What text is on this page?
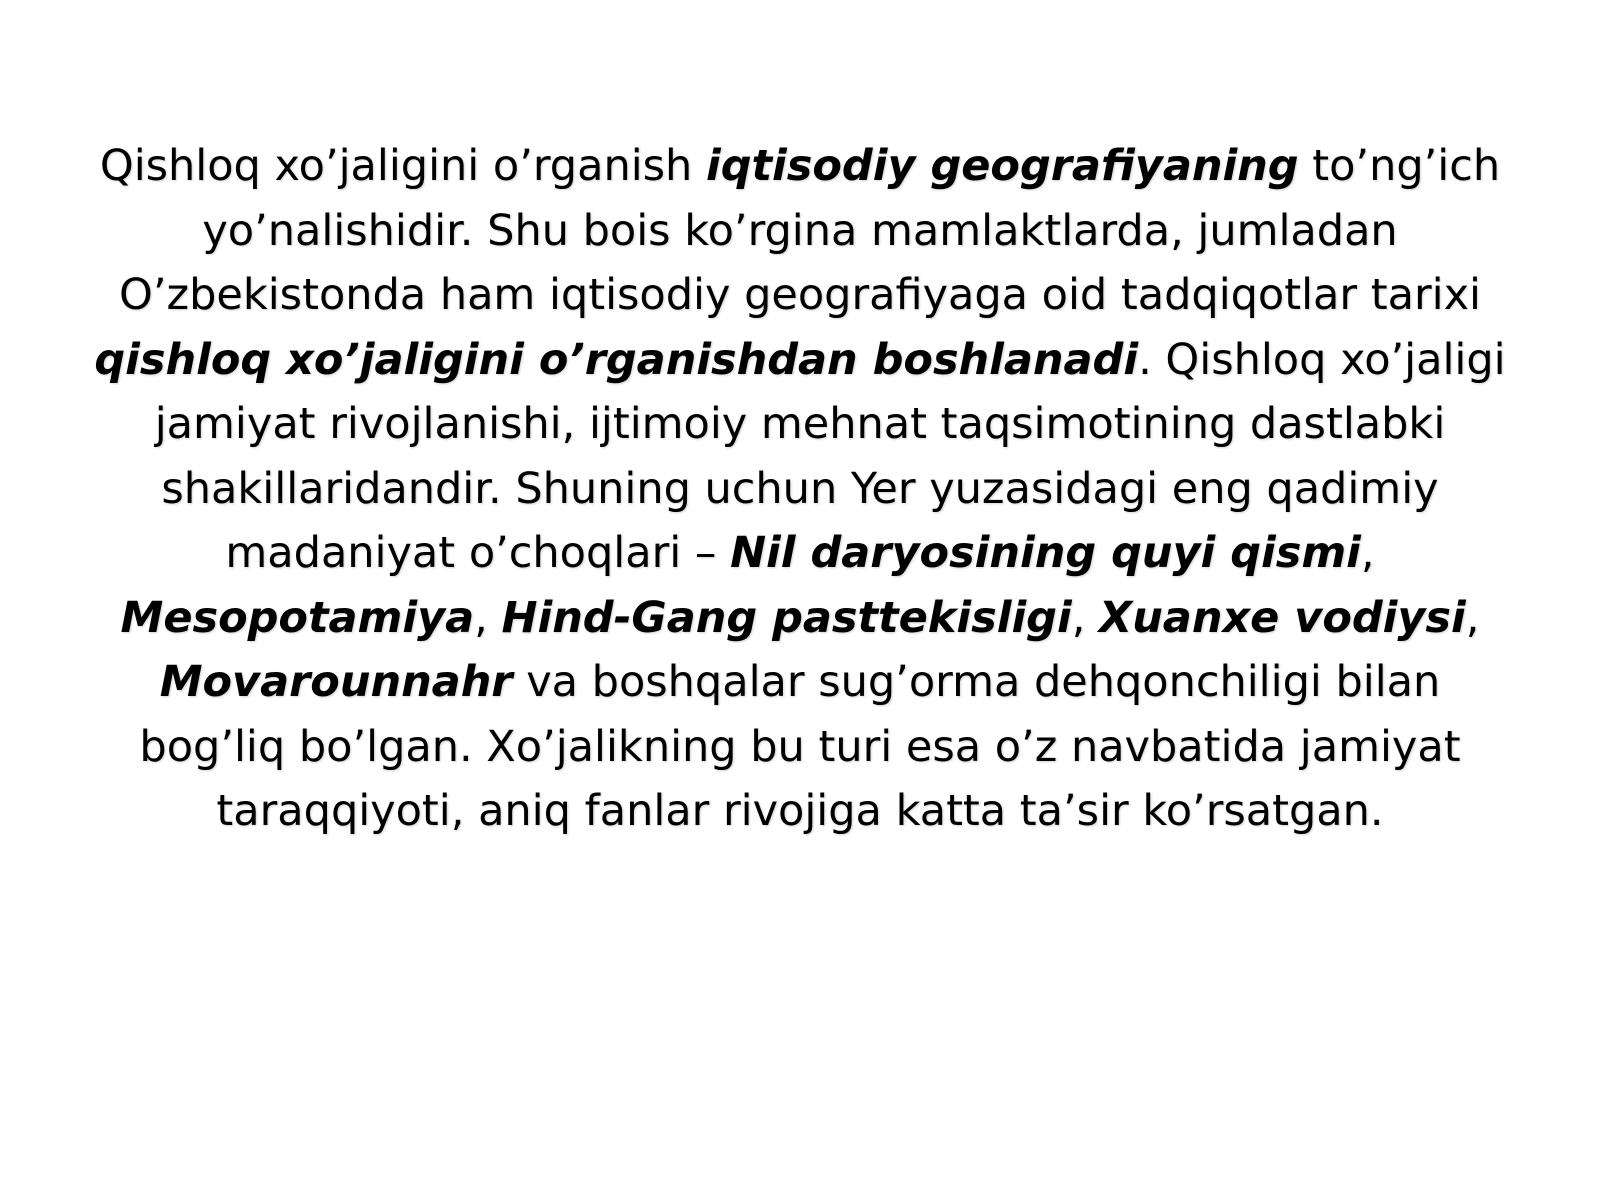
Qishloq xo’jaligini o’rganish iqtisodiy geografiyaning to’ng’ich
yo’nalishidir. Shu bois ko’rgina mamlaktlarda, jumladan
O’zbekistonda ham iqtisodiy geografiyaga oid tadqiqotlar tarixi
qishloq xo’jaligini o’rganishdan boshlanadi. Qishloq xo’jaligi
jamiyat rivojlanishi, ijtimoiy mehnat taqsimotining dastlabki
shakillaridandir. Shuning uchun Yer yuzasidagi eng qadimiy
madaniyat o’choqlari – Nil daryosining quyi qismi,
Mesopotamiya, Hind-Gang pasttekisligi, Xuanxe vodiysi,
Movarounnahr va boshqalar sug’orma dehqonchiligi bilan
bog’liq bo’lgan. Xo’jalikning bu turi esa o’z navbatida jamiyat
taraqqiyoti, aniq fanlar rivojiga katta ta’sir ko’rsatgan.
